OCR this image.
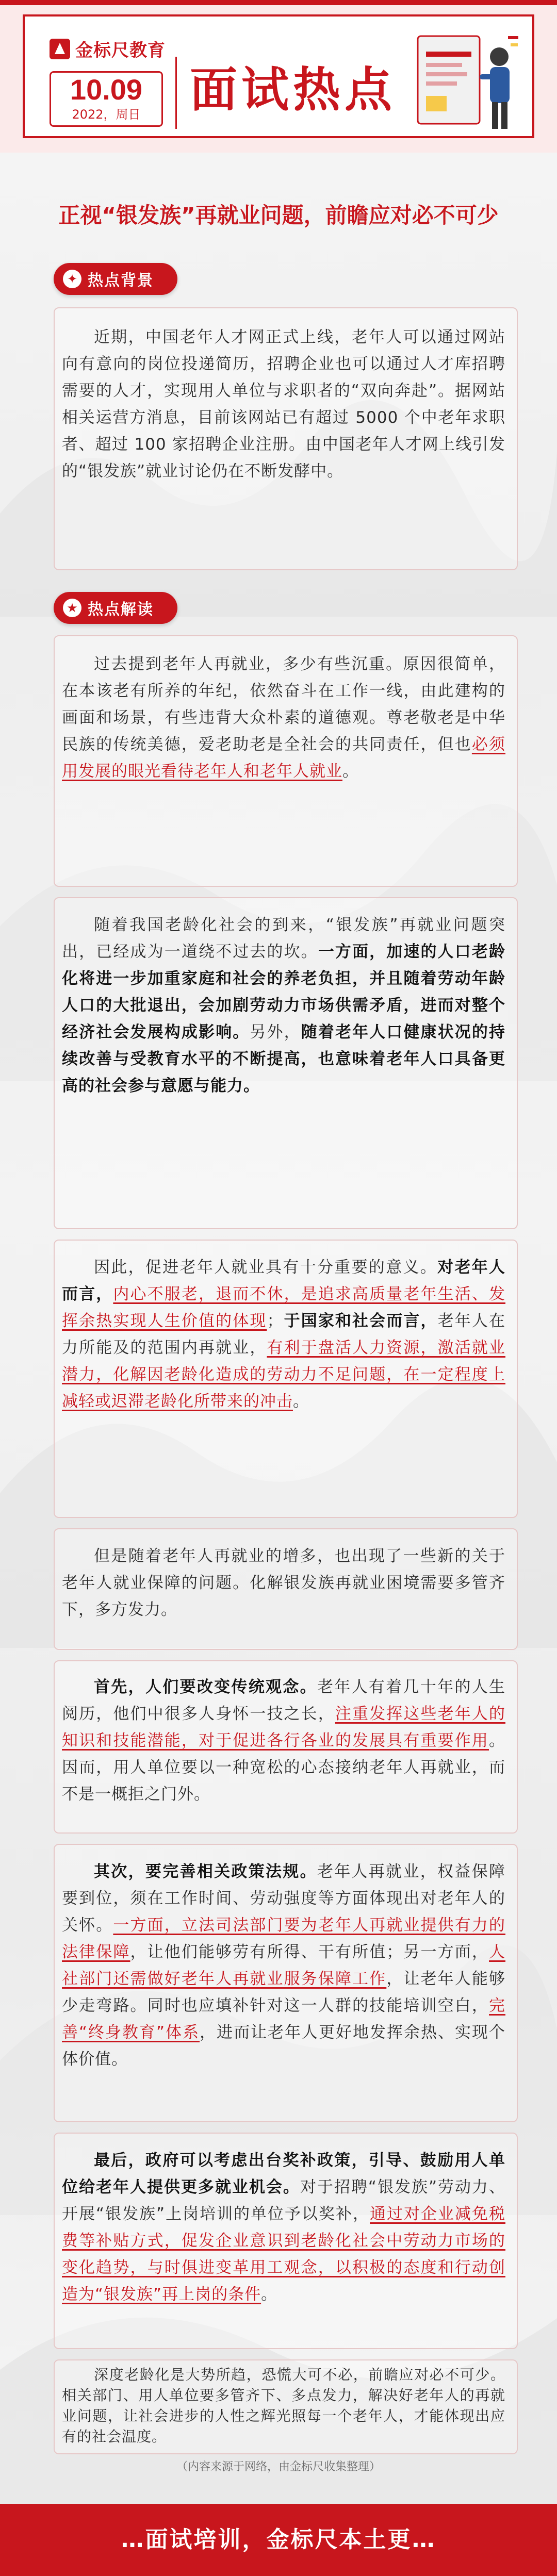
金标尺教育
10.09
2022，周日	面试热点
正视“银发族”再就业问题，前瞻应对必不可少
✦ 热点背景

近期，中国老年人才网正式上线，老年人可以通过网站向有意向的岗位投递简历，招聘企业也可以通过人才库招聘需要的人才，实现用人单位与求职者的“双向奔赴”。据网站相关运营方消息，目前该网站已有超过 5000 个中老年求职者、超过 100 家招聘企业注册。由中国老年人才网上线引发的“银发族”就业讨论仍在不断发酵中。

★ 热点解读

过去提到老年人再就业，多少有些沉重。原因很简单，在本该老有所养的年纪，依然奋斗在工作一线，由此建构的画面和场景，有些违背大众朴素的道德观。尊老敬老是中华民族的传统美德，爱老助老是全社会的共同责任，但也必须用发展的眼光看待老年人和老年人就业。

随着我国老龄化社会的到来，“银发族”再就业问题突出，已经成为一道绕不过去的坎。一方面，加速的人口老龄化将进一步加重家庭和社会的养老负担，并且随着劳动年龄人口的大批退出，会加剧劳动力市场供需矛盾，进而对整个经济社会发展构成影响。另外，随着老年人口健康状况的持续改善与受教育水平的不断提高，也意味着老年人口具备更高的社会参与意愿与能力。

因此，促进老年人就业具有十分重要的意义。对老年人而言，内心不服老，退而不休，是追求高质量老年生活、发挥余热实现人生价值的体现；于国家和社会而言，老年人在力所能及的范围内再就业，有利于盘活人力资源，激活就业潜力，化解因老龄化造成的劳动力不足问题，在一定程度上减轻或迟滞老龄化所带来的冲击。

但是随着老年人再就业的增多，也出现了一些新的关于老年人就业保障的问题。化解银发族再就业困境需要多管齐下，多方发力。

首先，人们要改变传统观念。老年人有着几十年的人生阅历，他们中很多人身怀一技之长，注重发挥这些老年人的知识和技能潜能，对于促进各行各业的发展具有重要作用。因而，用人单位要以一种宽松的心态接纳老年人再就业，而不是一概拒之门外。

其次，要完善相关政策法规。老年人再就业，权益保障要到位，须在工作时间、劳动强度等方面体现出对老年人的关怀。一方面，立法司法部门要为老年人再就业提供有力的法律保障，让他们能够劳有所得、干有所值；另一方面，人社部门还需做好老年人再就业服务保障工作，让老年人能够少走弯路。同时也应填补针对这一人群的技能培训空白，完善“终身教育”体系，进而让老年人更好地发挥余热、实现个体价值。

最后，政府可以考虑出台奖补政策，引导、鼓励用人单位给老年人提供更多就业机会。对于招聘“银发族”劳动力、开展“银发族”上岗培训的单位予以奖补，通过对企业减免税费等补贴方式，促发企业意识到老龄化社会中劳动力市场的变化趋势，与时俱进变革用工观念，以积极的态度和行动创造为“银发族”再上岗的条件。

深度老龄化是大势所趋，恐慌大可不必，前瞻应对必不可少。相关部门、用人单位要多管齐下、多点发力，解决好老年人的再就业问题，让社会进步的人性之辉光照每一个老年人，才能体现出应有的社会温度。

（内容来源于网络，由金标尺收集整理）
…面试培训，金标尺本土更…
